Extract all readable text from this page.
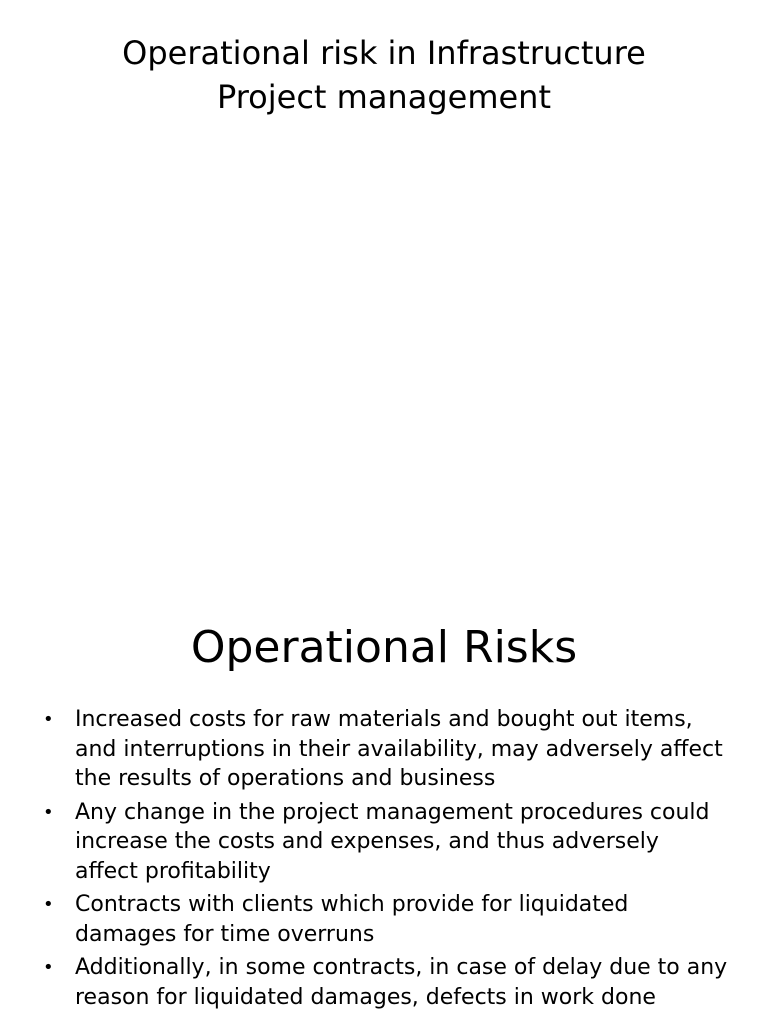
Operational risk in Infrastructure
Project management
Operational Risks
• Increased costs for raw materials and bought out items, and interruptions in their availability, may adversely affect the results of operations and business
• Any change in the project management procedures could increase the costs and expenses, and thus adversely affect profitability
• Contracts with clients which provide for liquidated damages for time overruns
• Additionally, in some contracts, in case of delay due to any reason for liquidated damages, defects in work done
